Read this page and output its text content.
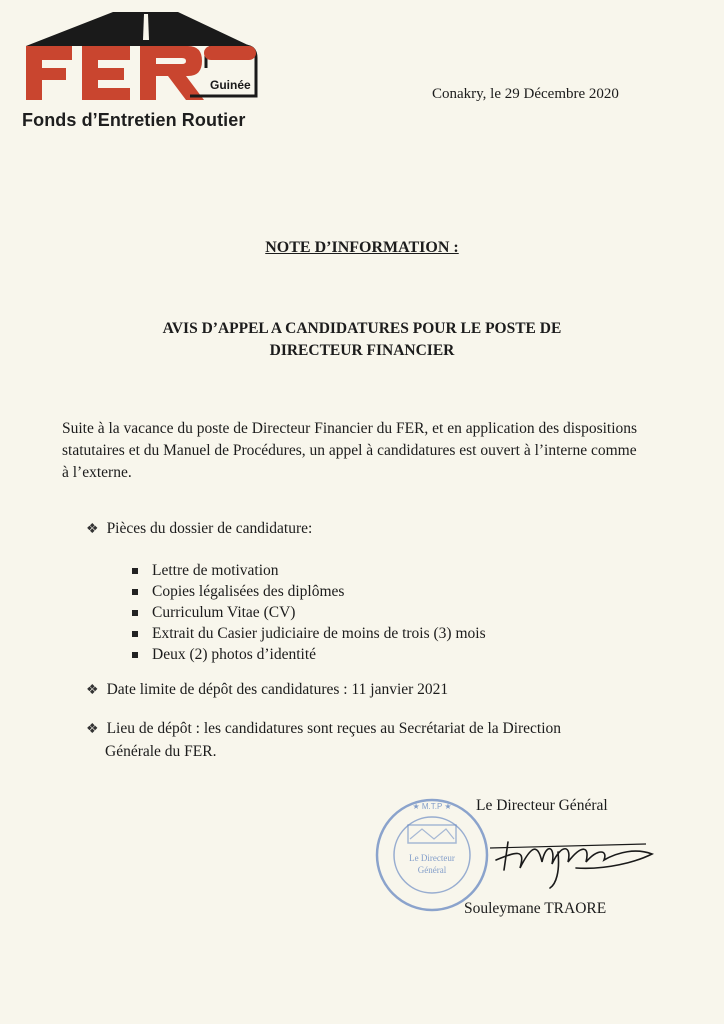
Guinée
Fonds d’Entretien Routier
Conakry, le 29 Décembre 2020
NOTE D’INFORMATION :
AVIS D’APPEL A CANDIDATURES POUR LE POSTE DE
DIRECTEUR FINANCIER
Suite à la vacance du poste de Directeur Financier du FER, et en application des dispositions statutaires et du Manuel de Procédures, un appel à candidatures est ouvert à l’interne comme à l’externe.
❖ Pièces du dossier de candidature:
Lettre de motivation
Copies légalisées des diplômes
Curriculum Vitae (CV)
Extrait du Casier judiciaire de moins de trois (3) mois
Deux (2) photos d’identité
❖ Date limite de dépôt des candidatures : 11 janvier 2021
❖ Lieu de dépôt : les candidatures sont reçues au Secrétariat de la Direction
Générale du FER.
Le Directeur
Général
★ M.T.P ★ Le Directeur Général
Souleymane TRAORE
